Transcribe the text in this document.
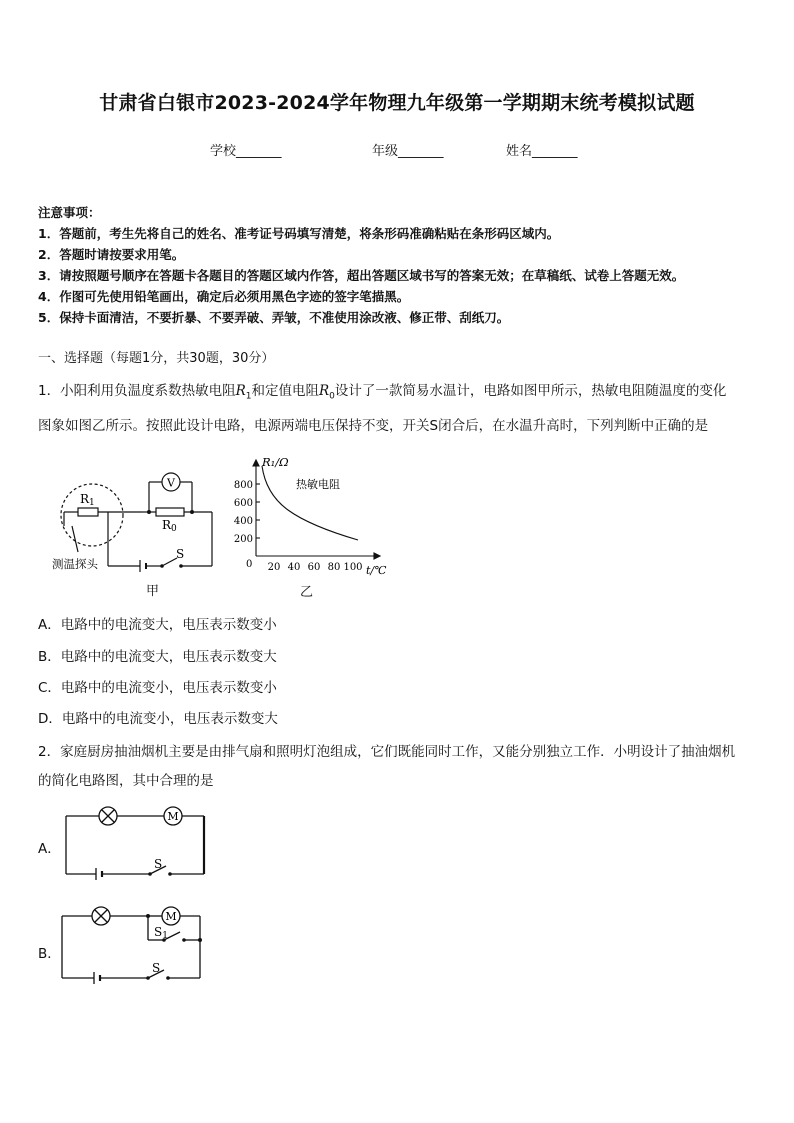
甘肃省白银市2023-2024学年物理九年级第一学期期末统考模拟试题
学校_______	年级_______	姓名_______
注意事项：
1．答题前，考生先将自己的姓名、准考证号码填写清楚，将条形码准确粘贴在条形码区域内。
2．答题时请按要求用笔。
3．请按照题号顺序在答题卡各题目的答题区域内作答，超出答题区域书写的答案无效；在草稿纸、试卷上答题无效。
4．作图可先使用铅笔画出，确定后必须用黑色字迹的签字笔描黑。
5．保持卡面清洁，不要折暴、不要弄破、弄皱，不准使用涂改液、修正带、刮纸刀。
一、选择题（每题1分，共30题，30分）
1．小阳利用负温度系数热敏电阻$R_1$和定值电阻$R_0$设计了一款简易水温计，电路如图甲所示，热敏电阻随温度的变化
图象如图乙所示。按照此设计电路，电源两端电压保持不变，开关S闭合后，在水温升高时，下列判断中正确的是
V
R1
R0
S
测温探头
甲
R₁/Ω
t/℃
热敏电阻
0
800
600
400
200
20 40 60 80 100
乙
A．电路中的电流变大，电压表示数变小
B．电路中的电流变大，电压表示数变大
C．电路中的电流变小，电压表示数变小
D．电路中的电流变小，电压表示数变大
2．家庭厨房抽油烟机主要是由排气扇和照明灯泡组成，它们既能同时工作，又能分别独立工作．小明设计了抽油烟机
的简化电路图，其中合理的是
A．
M
S
B．
M
S1
S
